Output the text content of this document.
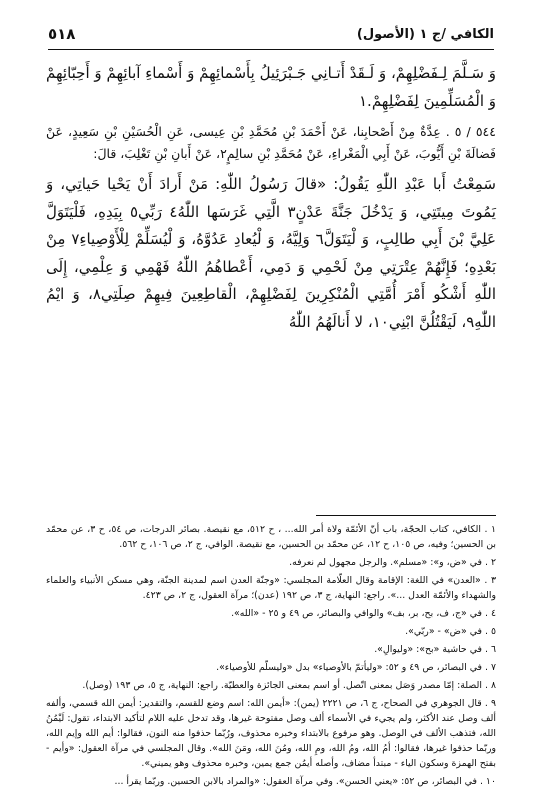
٥١٨	الكافي /ج ١ (الأصول)

وَ سَـلَّمَ لِـفَضْلِهِمْ، وَ لَـقَدْ أَتـانِي جَـبْرَئِيلُ بِأَسْمائِهِمْ وَ أَسْماءِ آبائِهِمْ وَ أَحِبّائِهِمْ وَ الْمُسَلِّمِينَ لِفَضْلِهِمْ.١

٥٤٤ / ٥ . عِدَّةٌ مِنْ أَصْحابِنا، عَنْ أَحْمَدَ بْنِ مُحَمَّدِ بْنِ عِيسى، عَنِ الْحُسَيْنِ بْنِ سَعِيدٍ، عَنْ فَضالَةَ بْنِ أَيُّوبَ، عَنْ أَبِي الْمَغْراءِ، عَنْ مُحَمَّدِ بْنِ سالِمٍ٢، عَنْ أَبانِ بْنِ تَغْلِبَ، قالَ:

سَمِعْتُ أَبا عَبْدِ اللّٰهِ يَقُولُ: «قالَ رَسُولُ اللّٰهِ: مَنْ أَرادَ أَنْ يَحْيا حَياتِي، وَ يَمُوتَ مِيتَتِي، وَ يَدْخُلَ جَنَّةَ عَدْنٍ٣ الَّتِي غَرَسَها اللّٰهُ٤ رَبِّي٥ بِيَدِهِ، فَلْيَتَوَلَّ عَلِيَّ بْنَ أَبِي طالِبٍ، وَ لْيَتَوَلَّ٦ وَلِيَّهُ، وَ لْيُعادِ عَدُوَّهُ، وَ لْيُسَلِّمْ لِلْأَوْصِياءِ٧ مِنْ بَعْدِهِ؛ فَإِنَّهُمْ عِتْرَتِي مِنْ لَحْمِي وَ دَمِي، أَعْطاهُمُ اللّٰهُ فَهْمِي وَ عِلْمِي، إِلَى اللّٰهِ أَشْكُو أَمْرَ أُمَّتِي الْمُنْكِرِينَ لِفَضْلِهِمْ، الْقاطِعِينَ فِيهِمْ صِلَتِي٨، وَ ايْمُ اللّٰهِ٩، لَيَقْتُلُنَّ ابْنِي١٠، لا أَنالَهُمُ اللّٰهُ

١ . الكافي، كتاب الحجّة، باب أنّ الأئمّة ولاة أمر الله... ، ح ٥١٢، مع نقيصة. بصائر الدرجات، ص ٥٤، ح ٣، عن محمّد بن الحسين؛ وفيه، ص ١٠٥، ح ١٢، عن محمّد بن الحسين، مع نقيصة. الوافي، ج ٢، ص ١٠٦، ح ٥٦٢.

٢ . في «ض، و»: «مسلم». والرجل مجهول لم نعرفه.

٣ . «العدن» في اللغة: الإقامة وقال العلّامة المجلسي: «وجنّة العدن اسم لمدينة الجنّة، وهي مسكن الأنبياء والعلماء والشهداء والأئمّة العدل ...». راجع: النهاية، ج ٣، ص ١٩٢ (عدن)؛ مرآة العقول، ج ٢، ص ٤٢٣.

٤ . في «ج، ف، بح، بر، بف» والوافي والبصائر، ص ٤٩ و ٢٥ - «الله».

٥ . في «ض» - «ربّي».

٦ . في حاشية «بح»: «وليوالِ».

٧ . في البصائر، ص ٤٩ و ٥٢: «وليأتمّ بالأوصياء» بدل «وليسلّم للأوصياء».

٨ . الصلة: إمّا مصدر وَصَل بمعنى اتّصل. أو اسم بمعنى الجائزة والعطيّة. راجع: النهاية، ج ٥، ص ١٩٣ (وصل).

٩ . قال الجوهري في الصحاح، ج ٦، ص ٢٢٢١ (يمن): «أيمن الله: اسم وضع للقسم، والتقدير: أيمن الله قسمي، وألفه ألف وصل عند الأكثر، ولم يجيء في الأسماء ألف وصل مفتوحة غيرها، وقد تدخل عليه اللام لتأكيد الابتداء، تقول: لَيْمُنُ الله، فتذهب الألف في الوصل. وهو مرفوع بالابتداء وخبره محذوف، ورُبّما حذفوا منه النون، فقالوا: أيم الله وإيم الله، وربّما حذفوا غيرها، فقالوا: أمُ الله، ومُ الله، ومِ الله، ومُنَ الله، ومَنَ الله». وقال المجلسي في مرآة العقول: «وأيم - بفتح الهمزة وسكون الياء - مبتدأ مضاف، وأصله أيمُن جمع يمين، وخبره محذوف وهو يميني».

١٠ . في البصائر، ص ٥٢: «يعني الحسن». وفي مرآة العقول: «والمراد بالابن الحسين. وربّما يقرأ ...
